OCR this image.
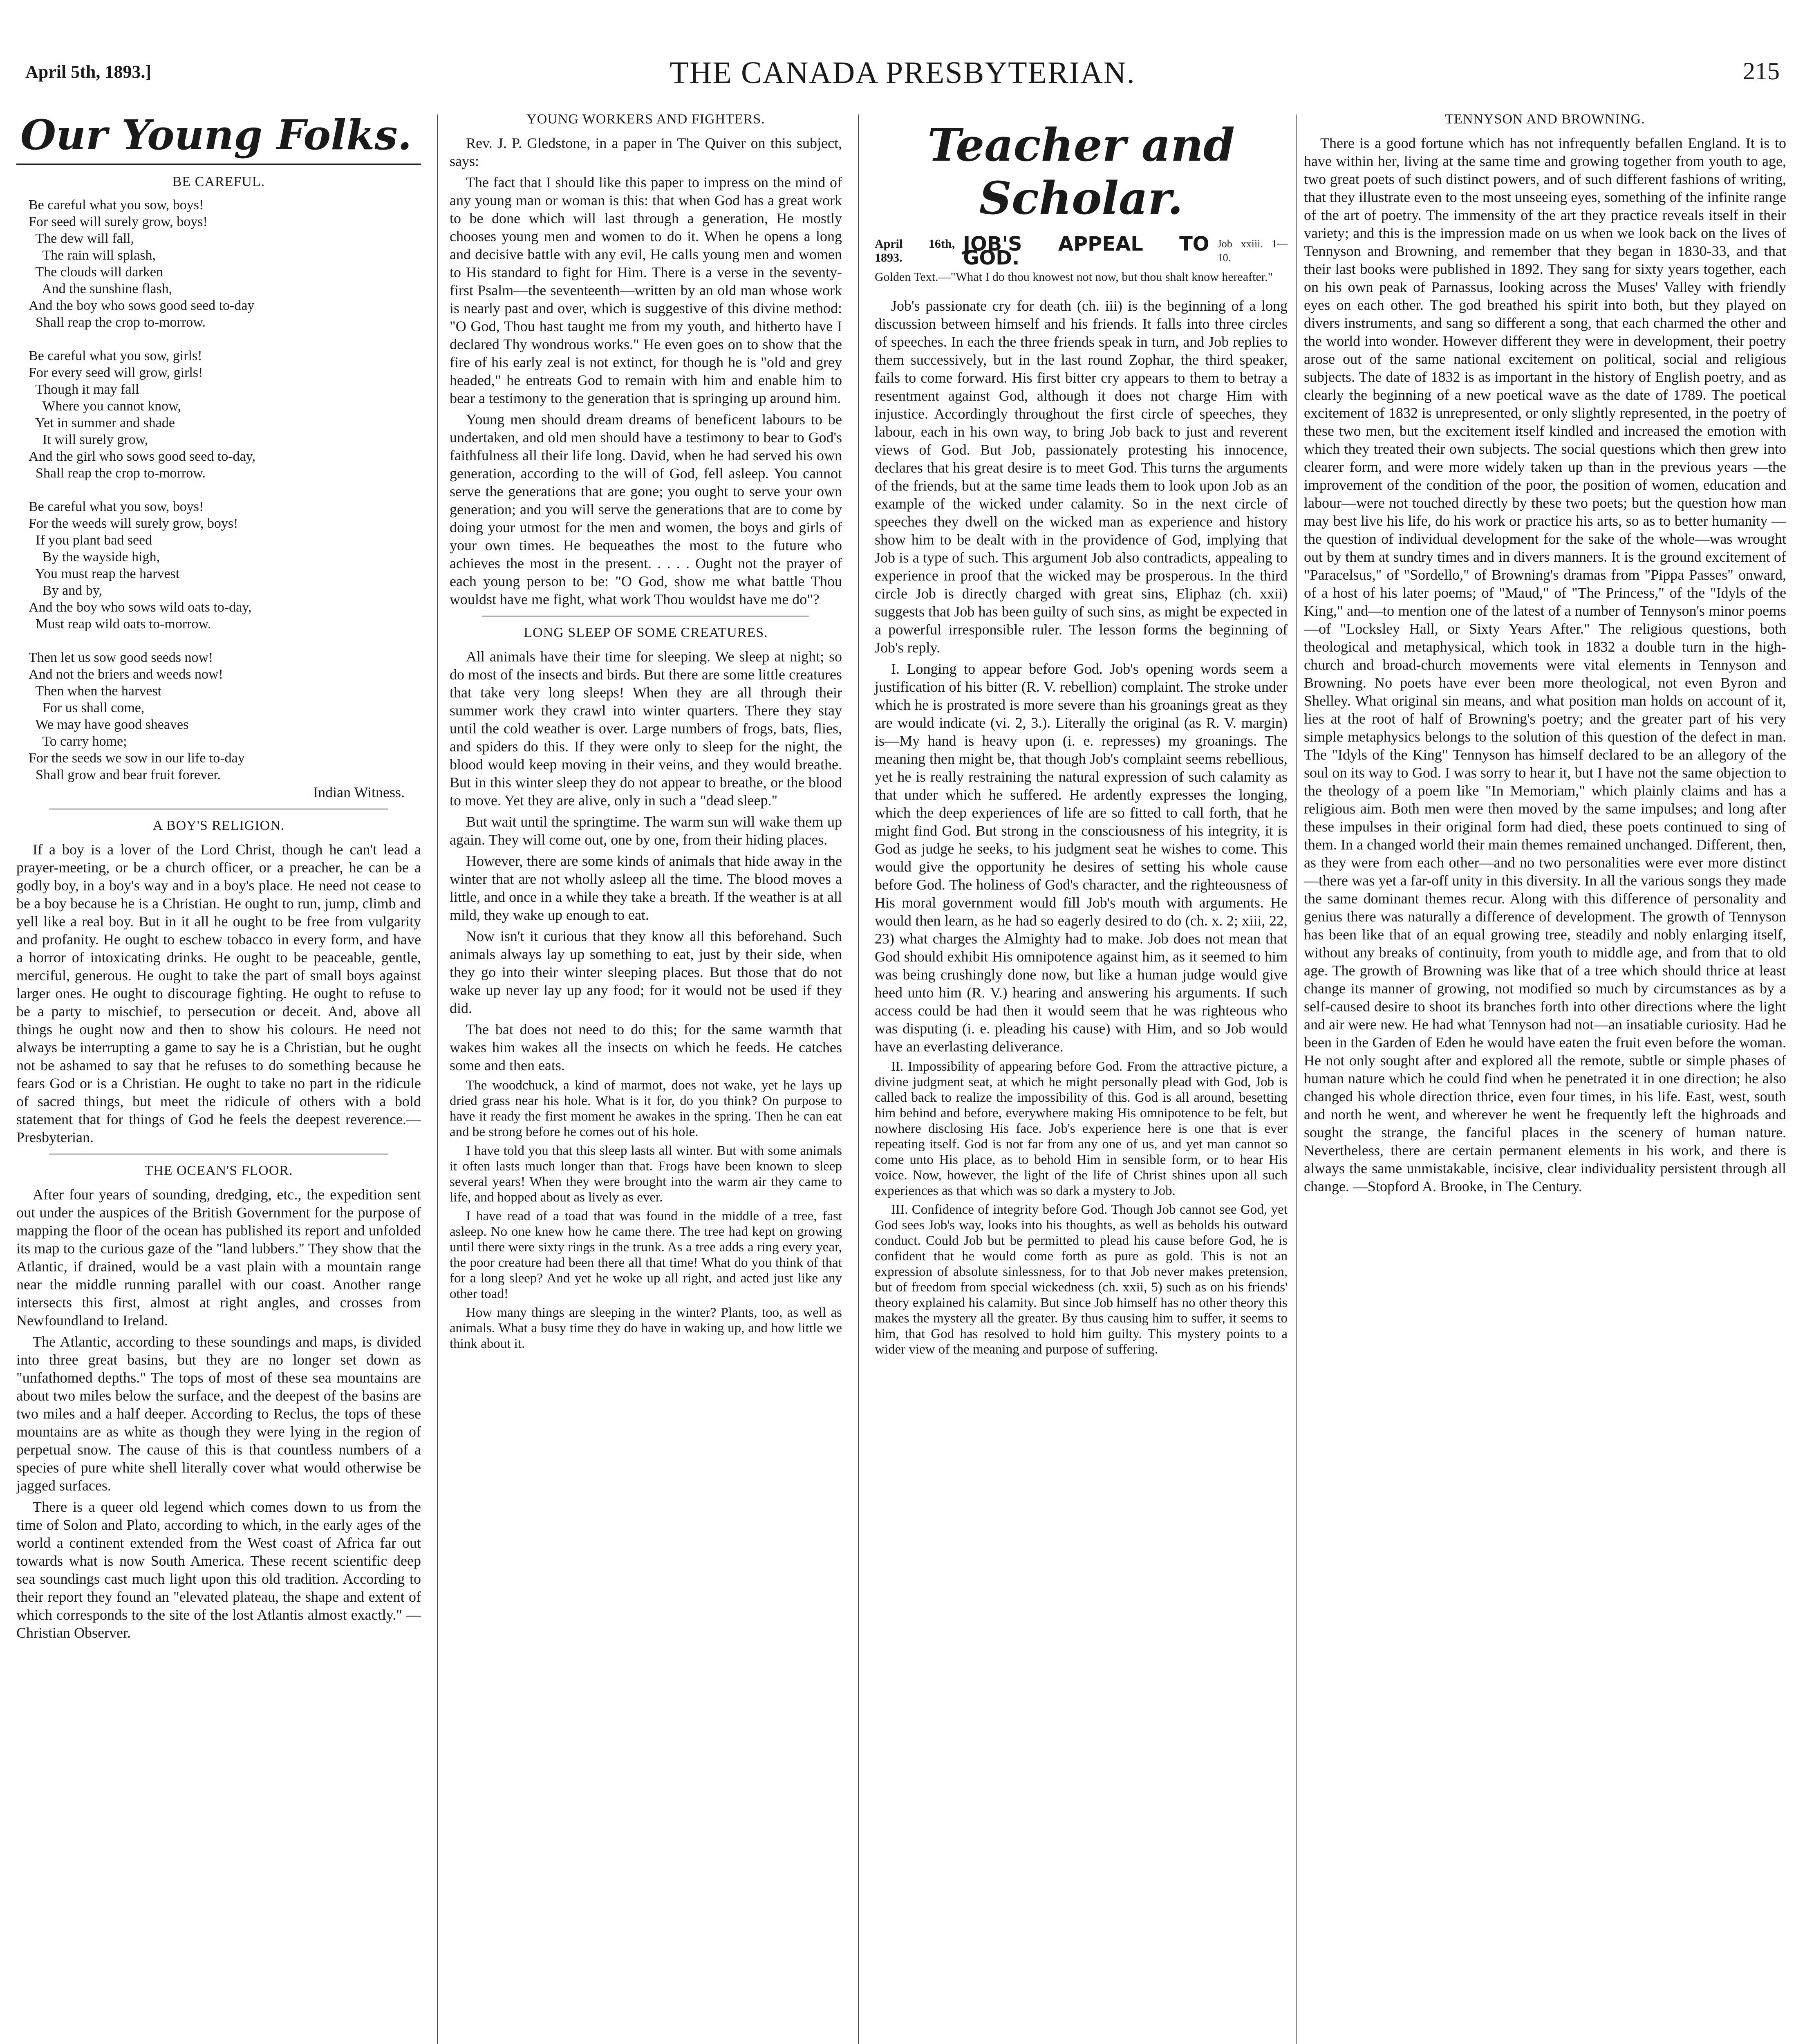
April 5th, 1893.]	THE CANADA PRESBYTERIAN.	215
Our Young Folks.
BE CAREFUL.
Be careful what you sow, boys!
For seed will surely grow, boys!
The dew will fall,
The rain will splash,
The clouds will darken
And the sunshine flash,
And the boy who sows good seed to-day
Shall reap the crop to-morrow.

Be careful what you sow, girls!
For every seed will grow, girls!
Though it may fall
Where you cannot know,
Yet in summer and shade
It will surely grow,
And the girl who sows good seed to-day,
Shall reap the crop to-morrow.

Be careful what you sow, boys!
For the weeds will surely grow, boys!
If you plant bad seed
By the wayside high,
You must reap the harvest
By and by,
And the boy who sows wild oats to-day,
Must reap wild oats to-morrow.

Then let us sow good seeds now!
And not the briers and weeds now!
Then when the harvest
For us shall come,
We may have good sheaves
To carry home;
For the seeds we sow in our life to-day
Shall grow and bear fruit forever.
Indian Witness.
A BOY'S RELIGION.

If a boy is a lover of the Lord Christ, though he can't lead a prayer-meeting, or be a church officer, or a preacher, he can be a godly boy, in a boy's way and in a boy's place. He need not cease to be a boy because he is a Christian. He ought to run, jump, climb and yell like a real boy. But in it all he ought to be free from vulgarity and profanity. He ought to eschew tobacco in every form, and have a horror of intoxicating drinks. He ought to be peaceable, gentle, merciful, generous. He ought to take the part of small boys against larger ones. He ought to discourage fighting. He ought to refuse to be a party to mischief, to persecution or deceit. And, above all things he ought now and then to show his colours. He need not always be interrupting a game to say he is a Christian, but he ought not be ashamed to say that he refuses to do something because he fears God or is a Christian. He ought to take no part in the ridicule of sacred things, but meet the ridicule of others with a bold statement that for things of God he feels the deepest reverence.—Presbyterian.

THE OCEAN'S FLOOR.

After four years of sounding, dredging, etc., the expedition sent out under the auspices of the British Government for the purpose of mapping the floor of the ocean has published its report and unfolded its map to the curious gaze of the "land lubbers." They show that the Atlantic, if drained, would be a vast plain with a mountain range near the middle running parallel with our coast. Another range intersects this first, almost at right angles, and crosses from Newfoundland to Ireland.

The Atlantic, according to these soundings and maps, is divided into three great basins, but they are no longer set down as "unfathomed depths." The tops of most of these sea mountains are about two miles below the surface, and the deepest of the basins are two miles and a half deeper. According to Reclus, the tops of these mountains are as white as though they were lying in the region of perpetual snow. The cause of this is that countless numbers of a species of pure white shell literally cover what would otherwise be jagged surfaces.

There is a queer old legend which comes down to us from the time of Solon and Plato, according to which, in the early ages of the world a continent extended from the West coast of Africa far out towards what is now South America. These recent scientific deep sea soundings cast much light upon this old tradition. According to their report they found an "elevated plateau, the shape and extent of which corresponds to the site of the lost Atlantis almost exactly." —Christian Observer.

YOUNG WORKERS AND FIGHTERS.

Rev. J. P. Gledstone, in a paper in The Quiver on this subject, says:

The fact that I should like this paper to impress on the mind of any young man or woman is this: that when God has a great work to be done which will last through a generation, He mostly chooses young men and women to do it. When he opens a long and decisive battle with any evil, He calls young men and women to His standard to fight for Him. There is a verse in the seventy-first Psalm—the seventeenth—written by an old man whose work is nearly past and over, which is suggestive of this divine method: "O God, Thou hast taught me from my youth, and hitherto have I declared Thy wondrous works." He even goes on to show that the fire of his early zeal is not extinct, for though he is "old and grey headed," he entreats God to remain with him and enable him to bear a testimony to the generation that is springing up around him.

Young men should dream dreams of beneficent labours to be undertaken, and old men should have a testimony to bear to God's faithfulness all their life long. David, when he had served his own generation, according to the will of God, fell asleep. You cannot serve the generations that are gone; you ought to serve your own generation; and you will serve the generations that are to come by doing your utmost for the men and women, the boys and girls of your own times. He bequeathes the most to the future who achieves the most in the present. . . . . Ought not the prayer of each young person to be: "O God, show me what battle Thou wouldst have me fight, what work Thou wouldst have me do"?

LONG SLEEP OF SOME CREATURES.

All animals have their time for sleeping. We sleep at night; so do most of the insects and birds. But there are some little creatures that take very long sleeps! When they are all through their summer work they crawl into winter quarters. There they stay until the cold weather is over. Large numbers of frogs, bats, flies, and spiders do this. If they were only to sleep for the night, the blood would keep moving in their veins, and they would breathe. But in this winter sleep they do not appear to breathe, or the blood to move. Yet they are alive, only in such a "dead sleep."

But wait until the springtime. The warm sun will wake them up again. They will come out, one by one, from their hiding places.

However, there are some kinds of animals that hide away in the winter that are not wholly asleep all the time. The blood moves a little, and once in a while they take a breath. If the weather is at all mild, they wake up enough to eat.

Now isn't it curious that they know all this beforehand. Such animals always lay up something to eat, just by their side, when they go into their winter sleeping places. But those that do not wake up never lay up any food; for it would not be used if they did.

The bat does not need to do this; for the same warmth that wakes him wakes all the insects on which he feeds. He catches some and then eats.

The woodchuck, a kind of marmot, does not wake, yet he lays up dried grass near his hole. What is it for, do you think? On purpose to have it ready the first moment he awakes in the spring. Then he can eat and be strong before he comes out of his hole.

I have told you that this sleep lasts all winter. But with some animals it often lasts much longer than that. Frogs have been known to sleep several years! When they were brought into the warm air they came to life, and hopped about as lively as ever.

I have read of a toad that was found in the middle of a tree, fast asleep. No one knew how he came there. The tree had kept on growing until there were sixty rings in the trunk. As a tree adds a ring every year, the poor creature had been there all that time! What do you think of that for a long sleep? And yet he woke up all right, and acted just like any other toad!

How many things are sleeping in the winter? Plants, too, as well as animals. What a busy time they do have in waking up, and how little we think about it.

Teacher and Scholar.
April 16th, 1893.
JOB'S APPEAL TO GOD.
Job xxiii. 1—10.
Golden Text.—"What I do thou knowest not now, but thou shalt know hereafter."

Job's passionate cry for death (ch. iii) is the beginning of a long discussion between himself and his friends. It falls into three circles of speeches. In each the three friends speak in turn, and Job replies to them successively, but in the last round Zophar, the third speaker, fails to come forward. His first bitter cry appears to them to betray a resentment against God, although it does not charge Him with injustice. Accordingly throughout the first circle of speeches, they labour, each in his own way, to bring Job back to just and reverent views of God. But Job, passionately protesting his innocence, declares that his great desire is to meet God. This turns the arguments of the friends, but at the same time leads them to look upon Job as an example of the wicked under calamity. So in the next circle of speeches they dwell on the wicked man as experience and history show him to be dealt with in the providence of God, implying that Job is a type of such. This argument Job also contradicts, appealing to experience in proof that the wicked may be prosperous. In the third circle Job is directly charged with great sins, Eliphaz (ch. xxii) suggests that Job has been guilty of such sins, as might be expected in a powerful irresponsible ruler. The lesson forms the beginning of Job's reply.

I. Longing to appear before God. Job's opening words seem a justification of his bitter (R. V. rebellion) complaint. The stroke under which he is prostrated is more severe than his groanings great as they are would indicate (vi. 2, 3.). Literally the original (as R. V. margin) is—My hand is heavy upon (i. e. represses) my groanings. The meaning then might be, that though Job's complaint seems rebellious, yet he is really restraining the natural expression of such calamity as that under which he suffered. He ardently expresses the longing, which the deep experiences of life are so fitted to call forth, that he might find God. But strong in the consciousness of his integrity, it is God as judge he seeks, to his judgment seat he wishes to come. This would give the opportunity he desires of setting his whole cause before God. The holiness of God's character, and the righteousness of His moral government would fill Job's mouth with arguments. He would then learn, as he had so eagerly desired to do (ch. x. 2; xiii, 22, 23) what charges the Almighty had to make. Job does not mean that God should exhibit His omnipotence against him, as it seemed to him was being crushingly done now, but like a human judge would give heed unto him (R. V.) hearing and answering his arguments. If such access could be had then it would seem that he was righteous who was disputing (i. e. pleading his cause) with Him, and so Job would have an everlasting deliverance.

II. Impossibility of appearing before God. From the attractive picture, a divine judgment seat, at which he might personally plead with God, Job is called back to realize the impossibility of this. God is all around, besetting him behind and before, everywhere making His omnipotence to be felt, but nowhere disclosing His face. Job's experience here is one that is ever repeating itself. God is not far from any one of us, and yet man cannot so come unto His place, as to behold Him in sensible form, or to hear His voice. Now, however, the light of the life of Christ shines upon all such experiences as that which was so dark a mystery to Job.

III. Confidence of integrity before God. Though Job cannot see God, yet God sees Job's way, looks into his thoughts, as well as beholds his outward conduct. Could Job but be permitted to plead his cause before God, he is confident that he would come forth as pure as gold. This is not an expression of absolute sinlessness, for to that Job never makes pretension, but of freedom from special wickedness (ch. xxii, 5) such as on his friends' theory explained his calamity. But since Job himself has no other theory this makes the mystery all the greater. By thus causing him to suffer, it seems to him, that God has resolved to hold him guilty. This mystery points to a wider view of the meaning and purpose of suffering.

TENNYSON AND BROWNING.

There is a good fortune which has not infrequently befallen England. It is to have within her, living at the same time and growing together from youth to age, two great poets of such distinct powers, and of such different fashions of writing, that they illustrate even to the most unseeing eyes, something of the infinite range of the art of poetry. The immensity of the art they practice reveals itself in their variety; and this is the impression made on us when we look back on the lives of Tennyson and Browning, and remember that they began in 1830-33, and that their last books were published in 1892. They sang for sixty years together, each on his own peak of Parnassus, looking across the Muses' Valley with friendly eyes on each other. The god breathed his spirit into both, but they played on divers instruments, and sang so different a song, that each charmed the other and the world into wonder. However different they were in development, their poetry arose out of the same national excitement on political, social and religious subjects. The date of 1832 is as important in the history of English poetry, and as clearly the beginning of a new poetical wave as the date of 1789. The poetical excitement of 1832 is unrepresented, or only slightly represented, in the poetry of these two men, but the excitement itself kindled and increased the emotion with which they treated their own subjects. The social questions which then grew into clearer form, and were more widely taken up than in the previous years —the improvement of the condition of the poor, the position of women, education and labour—were not touched directly by these two poets; but the question how man may best live his life, do his work or practice his arts, so as to better humanity —the question of individual development for the sake of the whole—was wrought out by them at sundry times and in divers manners. It is the ground excitement of "Paracelsus," of "Sordello," of Browning's dramas from "Pippa Passes" onward, of a host of his later poems; of "Maud," of "The Princess," of the "Idyls of the King," and—to mention one of the latest of a number of Tennyson's minor poems—of "Locksley Hall, or Sixty Years After." The religious questions, both theological and metaphysical, which took in 1832 a double turn in the high-church and broad-church movements were vital elements in Tennyson and Browning. No poets have ever been more theological, not even Byron and Shelley. What original sin means, and what position man holds on account of it, lies at the root of half of Browning's poetry; and the greater part of his very simple metaphysics belongs to the solution of this question of the defect in man. The "Idyls of the King" Tennyson has himself declared to be an allegory of the soul on its way to God. I was sorry to hear it, but I have not the same objection to the theology of a poem like "In Memoriam," which plainly claims and has a religious aim. Both men were then moved by the same impulses; and long after these impulses in their original form had died, these poets continued to sing of them. In a changed world their main themes remained unchanged. Different, then, as they were from each other—and no two personalities were ever more distinct—there was yet a far-off unity in this diversity. In all the various songs they made the same dominant themes recur. Along with this difference of personality and genius there was naturally a difference of development. The growth of Tennyson has been like that of an equal growing tree, steadily and nobly enlarging itself, without any breaks of continuity, from youth to middle age, and from that to old age. The growth of Browning was like that of a tree which should thrice at least change its manner of growing, not modified so much by circumstances as by a self-caused desire to shoot its branches forth into other directions where the light and air were new. He had what Tennyson had not—an insatiable curiosity. Had he been in the Garden of Eden he would have eaten the fruit even before the woman. He not only sought after and explored all the remote, subtle or simple phases of human nature which he could find when he penetrated it in one direction; he also changed his whole direction thrice, even four times, in his life. East, west, south and north he went, and wherever he went he frequently left the highroads and sought the strange, the fanciful places in the scenery of human nature. Nevertheless, there are certain permanent elements in his work, and there is always the same unmistakable, incisive, clear individuality persistent through all change. —Stopford A. Brooke, in The Century.
